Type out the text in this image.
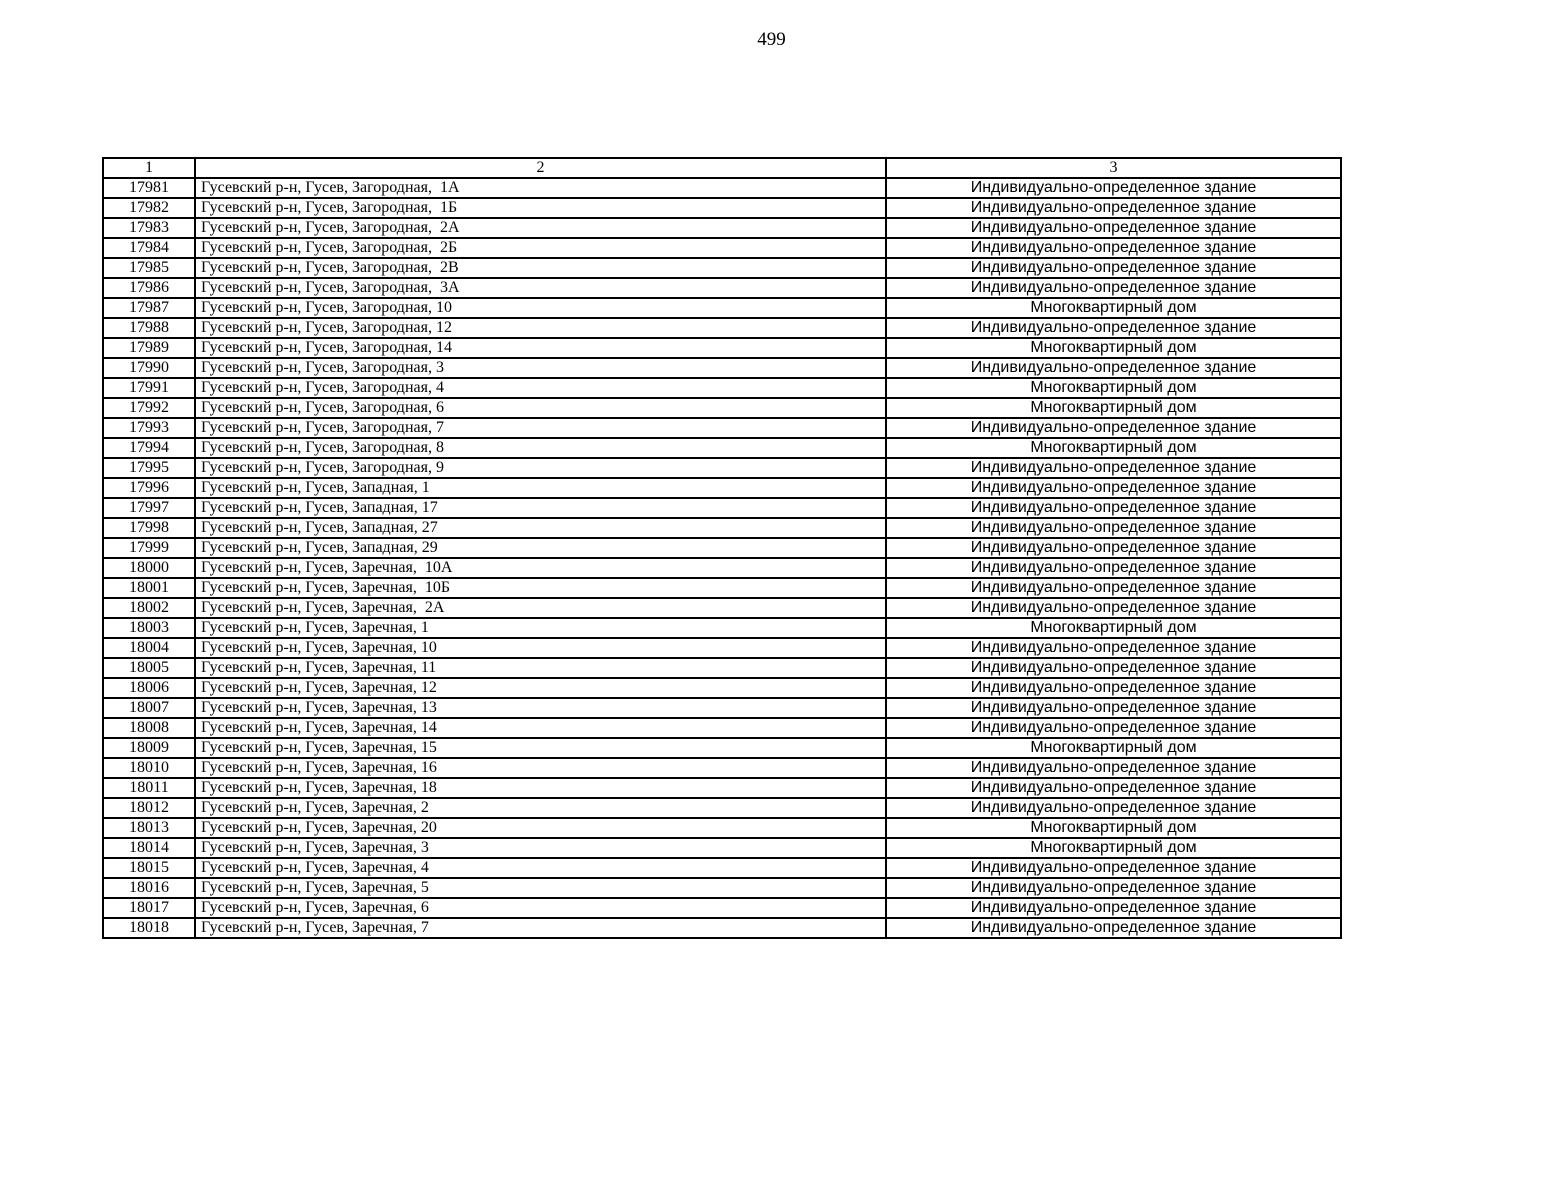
499
1	2	3
17981	Гусевский р-н, Гусев, Загородная,  1А	Индивидуально-определенное здание
17982	Гусевский р-н, Гусев, Загородная,  1Б	Индивидуально-определенное здание
17983	Гусевский р-н, Гусев, Загородная,  2А	Индивидуально-определенное здание
17984	Гусевский р-н, Гусев, Загородная,  2Б	Индивидуально-определенное здание
17985	Гусевский р-н, Гусев, Загородная,  2В	Индивидуально-определенное здание
17986	Гусевский р-н, Гусев, Загородная,  3А	Индивидуально-определенное здание
17987	Гусевский р-н, Гусев, Загородная, 10	Многоквартирный дом
17988	Гусевский р-н, Гусев, Загородная, 12	Индивидуально-определенное здание
17989	Гусевский р-н, Гусев, Загородная, 14	Многоквартирный дом
17990	Гусевский р-н, Гусев, Загородная, 3	Индивидуально-определенное здание
17991	Гусевский р-н, Гусев, Загородная, 4	Многоквартирный дом
17992	Гусевский р-н, Гусев, Загородная, 6	Многоквартирный дом
17993	Гусевский р-н, Гусев, Загородная, 7	Индивидуально-определенное здание
17994	Гусевский р-н, Гусев, Загородная, 8	Многоквартирный дом
17995	Гусевский р-н, Гусев, Загородная, 9	Индивидуально-определенное здание
17996	Гусевский р-н, Гусев, Западная, 1	Индивидуально-определенное здание
17997	Гусевский р-н, Гусев, Западная, 17	Индивидуально-определенное здание
17998	Гусевский р-н, Гусев, Западная, 27	Индивидуально-определенное здание
17999	Гусевский р-н, Гусев, Западная, 29	Индивидуально-определенное здание
18000	Гусевский р-н, Гусев, Заречная,  10А	Индивидуально-определенное здание
18001	Гусевский р-н, Гусев, Заречная,  10Б	Индивидуально-определенное здание
18002	Гусевский р-н, Гусев, Заречная,  2А	Индивидуально-определенное здание
18003	Гусевский р-н, Гусев, Заречная, 1	Многоквартирный дом
18004	Гусевский р-н, Гусев, Заречная, 10	Индивидуально-определенное здание
18005	Гусевский р-н, Гусев, Заречная, 11	Индивидуально-определенное здание
18006	Гусевский р-н, Гусев, Заречная, 12	Индивидуально-определенное здание
18007	Гусевский р-н, Гусев, Заречная, 13	Индивидуально-определенное здание
18008	Гусевский р-н, Гусев, Заречная, 14	Индивидуально-определенное здание
18009	Гусевский р-н, Гусев, Заречная, 15	Многоквартирный дом
18010	Гусевский р-н, Гусев, Заречная, 16	Индивидуально-определенное здание
18011	Гусевский р-н, Гусев, Заречная, 18	Индивидуально-определенное здание
18012	Гусевский р-н, Гусев, Заречная, 2	Индивидуально-определенное здание
18013	Гусевский р-н, Гусев, Заречная, 20	Многоквартирный дом
18014	Гусевский р-н, Гусев, Заречная, 3	Многоквартирный дом
18015	Гусевский р-н, Гусев, Заречная, 4	Индивидуально-определенное здание
18016	Гусевский р-н, Гусев, Заречная, 5	Индивидуально-определенное здание
18017	Гусевский р-н, Гусев, Заречная, 6	Индивидуально-определенное здание
18018	Гусевский р-н, Гусев, Заречная, 7	Индивидуально-определенное здание
